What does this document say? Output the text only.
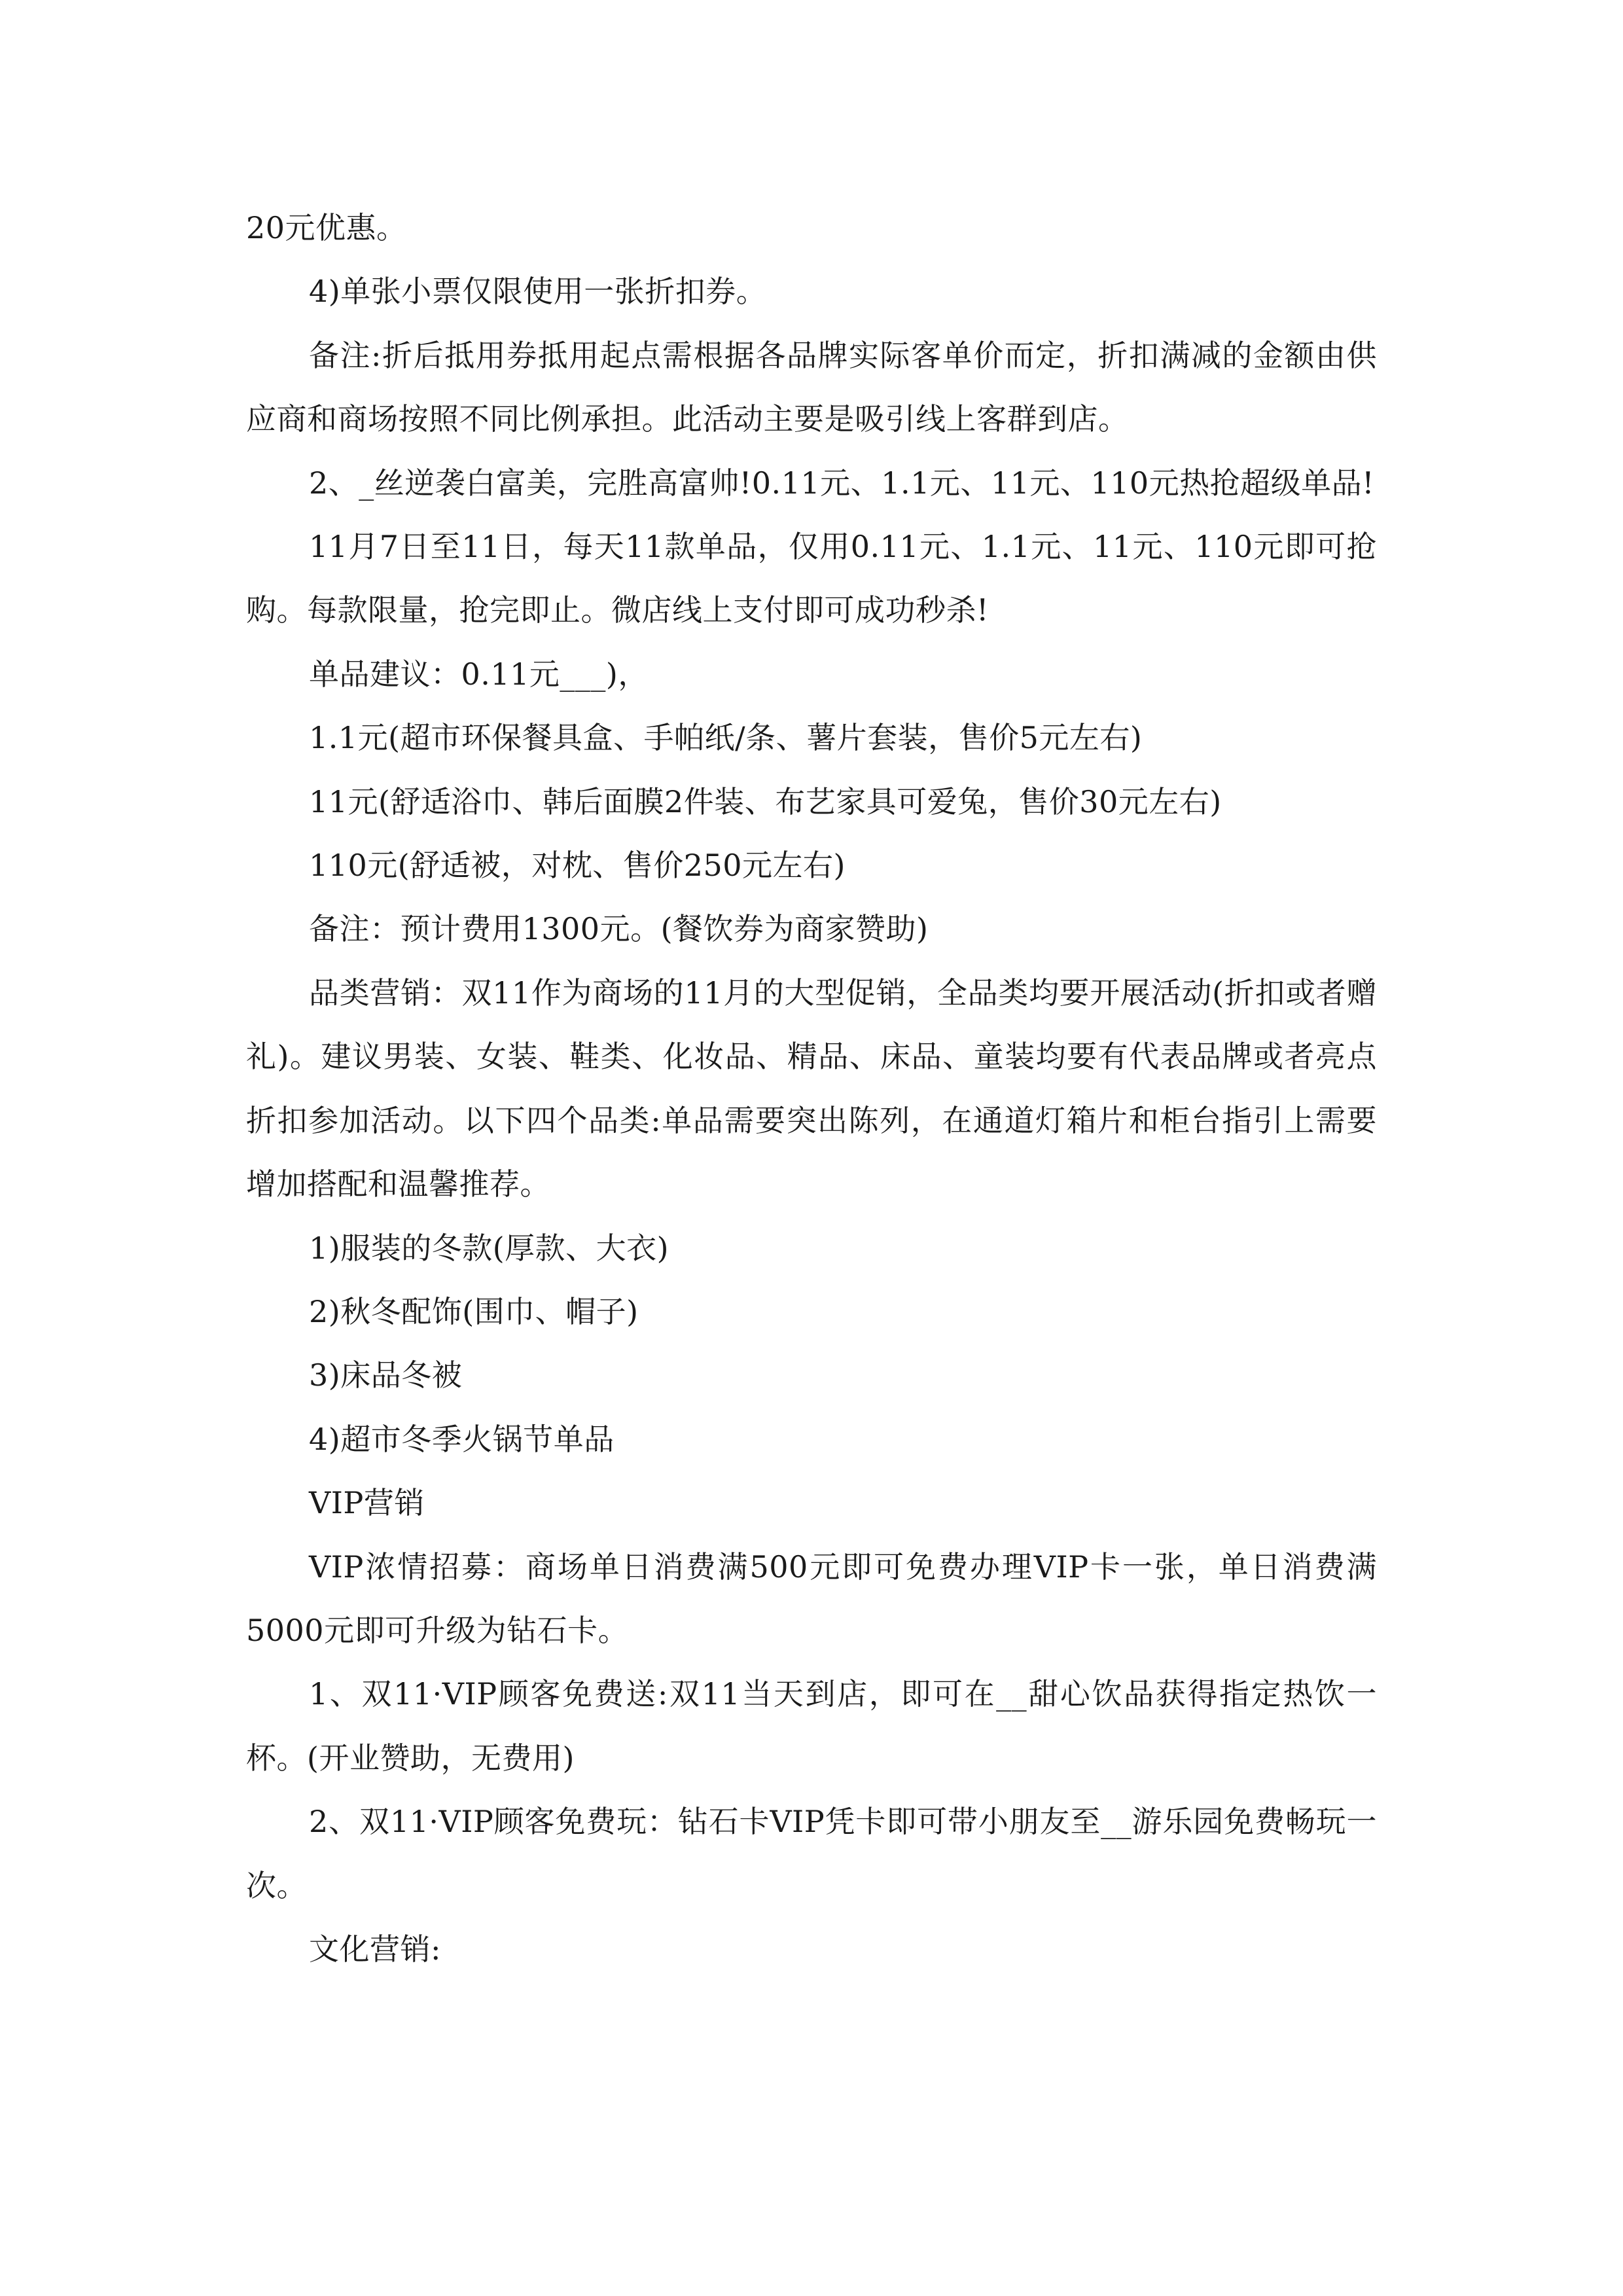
20元优惠。

4)单张小票仅限使用一张折扣券。

备注:折后抵用券抵用起点需根据各品牌实际客单价而定，折扣满减的金额由供应商和商场按照不同比例承担。此活动主要是吸引线上客群到店。

2、_丝逆袭白富美，完胜高富帅!0.11元、1.1元、11元、110元热抢超级单品!

11月7日至11日，每天11款单品，仅用0.11元、1.1元、11元、110元即可抢购。每款限量，抢完即止。微店线上支付即可成功秒杀!

单品建议：0.11元___)，

1.1元(超市环保餐具盒、手帕纸/条、薯片套装，售价5元左右)

11元(舒适浴巾、韩后面膜2件装、布艺家具可爱兔，售价30元左右)

110元(舒适被，对枕、售价250元左右)

备注：预计费用1300元。(餐饮券为商家赞助)

品类营销：双11作为商场的11月的大型促销，全品类均要开展活动(折扣或者赠礼)。建议男装、女装、鞋类、化妆品、精品、床品、童装均要有代表品牌或者亮点折扣参加活动。以下四个品类:单品需要突出陈列，在通道灯箱片和柜台指引上需要增加搭配和温馨推荐。

1)服装的冬款(厚款、大衣)

2)秋冬配饰(围巾、帽子)

3)床品冬被

4)超市冬季火锅节单品

VIP营销

VIP浓情招募：商场单日消费满500元即可免费办理VIP卡一张，单日消费满5000元即可升级为钻石卡。

1、双11·VIP顾客免费送:双11当天到店，即可在__甜心饮品获得指定热饮一杯。(开业赞助，无费用)

2、双11·VIP顾客免费玩：钻石卡VIP凭卡即可带小朋友至__游乐园免费畅玩一次。

文化营销:
